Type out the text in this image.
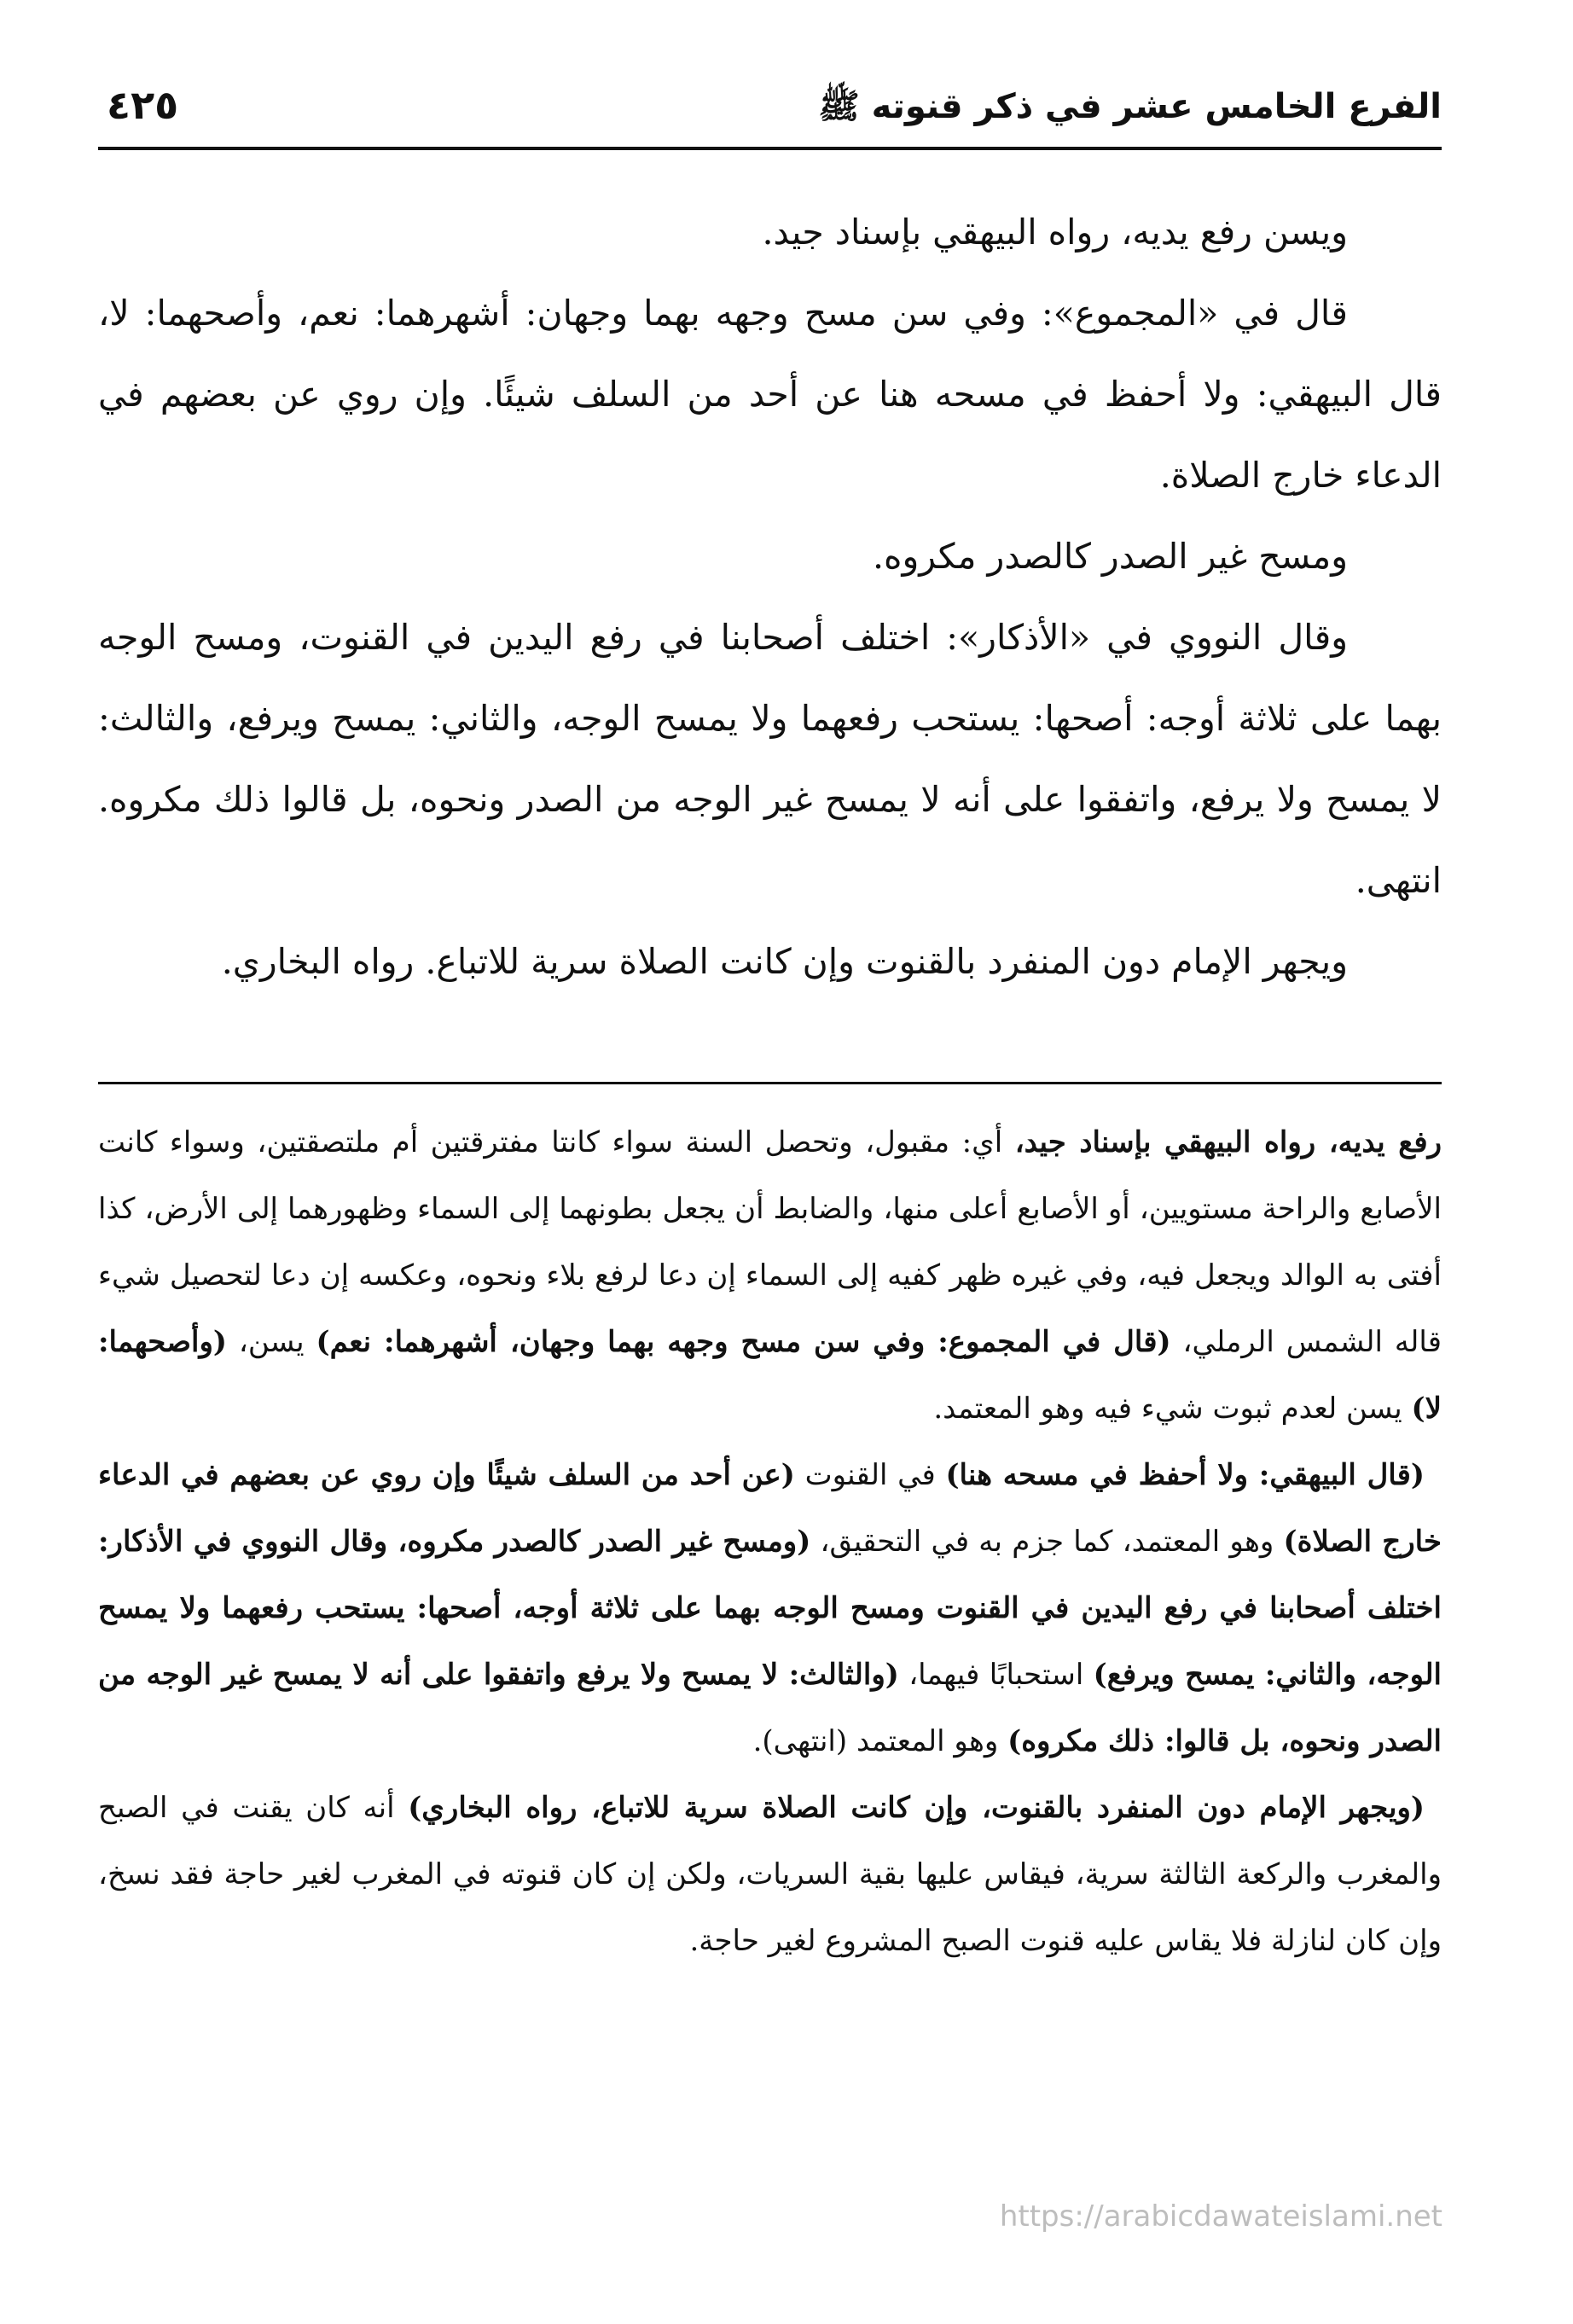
الفرع الخامس عشر في ذكر قنوته ﷺ
٤٢٥

ويسن رفع يديه، رواه البيهقي بإسناد جيد.

قال في «المجموع»: وفي سن مسح وجهه بهما وجهان: أشهرهما: نعم، وأصحهما: لا، قال البيهقي: ولا أحفظ في مسحه هنا عن أحد من السلف شيئًا. وإن روي عن بعضهم في الدعاء خارج الصلاة.

ومسح غير الصدر كالصدر مكروه.

وقال النووي في «الأذكار»: اختلف أصحابنا في رفع اليدين في القنوت، ومسح الوجه بهما على ثلاثة أوجه: أصحها: يستحب رفعهما ولا يمسح الوجه، والثاني: يمسح ويرفع، والثالث: لا يمسح ولا يرفع، واتفقوا على أنه لا يمسح غير الوجه من الصدر ونحوه، بل قالوا ذلك مكروه. انتهى.

ويجهر الإمام دون المنفرد بالقنوت وإن كانت الصلاة سرية للاتباع. رواه البخاري.

رفع يديه، رواه البيهقي بإسناد جيد، أي: مقبول، وتحصل السنة سواء كانتا مفترقتين أم ملتصقتين، وسواء كانت الأصابع والراحة مستويين، أو الأصابع أعلى منها، والضابط أن يجعل بطونهما إلى السماء وظهورهما إلى الأرض، كذا أفتى به الوالد ويجعل فيه، وفي غيره ظهر كفيه إلى السماء إن دعا لرفع بلاء ونحوه، وعكسه إن دعا لتحصيل شيء قاله الشمس الرملي، (قال في المجموع: وفي سن مسح وجهه بهما وجهان، أشهرهما: نعم) يسن، (وأصحهما: لا) يسن لعدم ثبوت شيء فيه وهو المعتمد.

(قال البيهقي: ولا أحفظ في مسحه هنا) في القنوت (عن أحد من السلف شيئًا وإن روي عن بعضهم في الدعاء خارج الصلاة) وهو المعتمد، كما جزم به في التحقيق، (ومسح غير الصدر كالصدر مكروه، وقال النووي في الأذكار: اختلف أصحابنا في رفع اليدين في القنوت ومسح الوجه بهما على ثلاثة أوجه، أصحها: يستحب رفعهما ولا يمسح الوجه، والثاني: يمسح ويرفع) استحبابًا فيهما، (والثالث: لا يمسح ولا يرفع واتفقوا على أنه لا يمسح غير الوجه من الصدر ونحوه، بل قالوا: ذلك مكروه) وهو المعتمد (انتهى).

(ويجهر الإمام دون المنفرد بالقنوت، وإن كانت الصلاة سرية للاتباع، رواه البخاري) أنه كان يقنت في الصبح والمغرب والركعة الثالثة سرية، فيقاس عليها بقية السريات، ولكن إن كان قنوته في المغرب لغير حاجة فقد نسخ، وإن كان لنازلة فلا يقاس عليه قنوت الصبح المشروع لغير حاجة.

https://arabicdawateislami.net
